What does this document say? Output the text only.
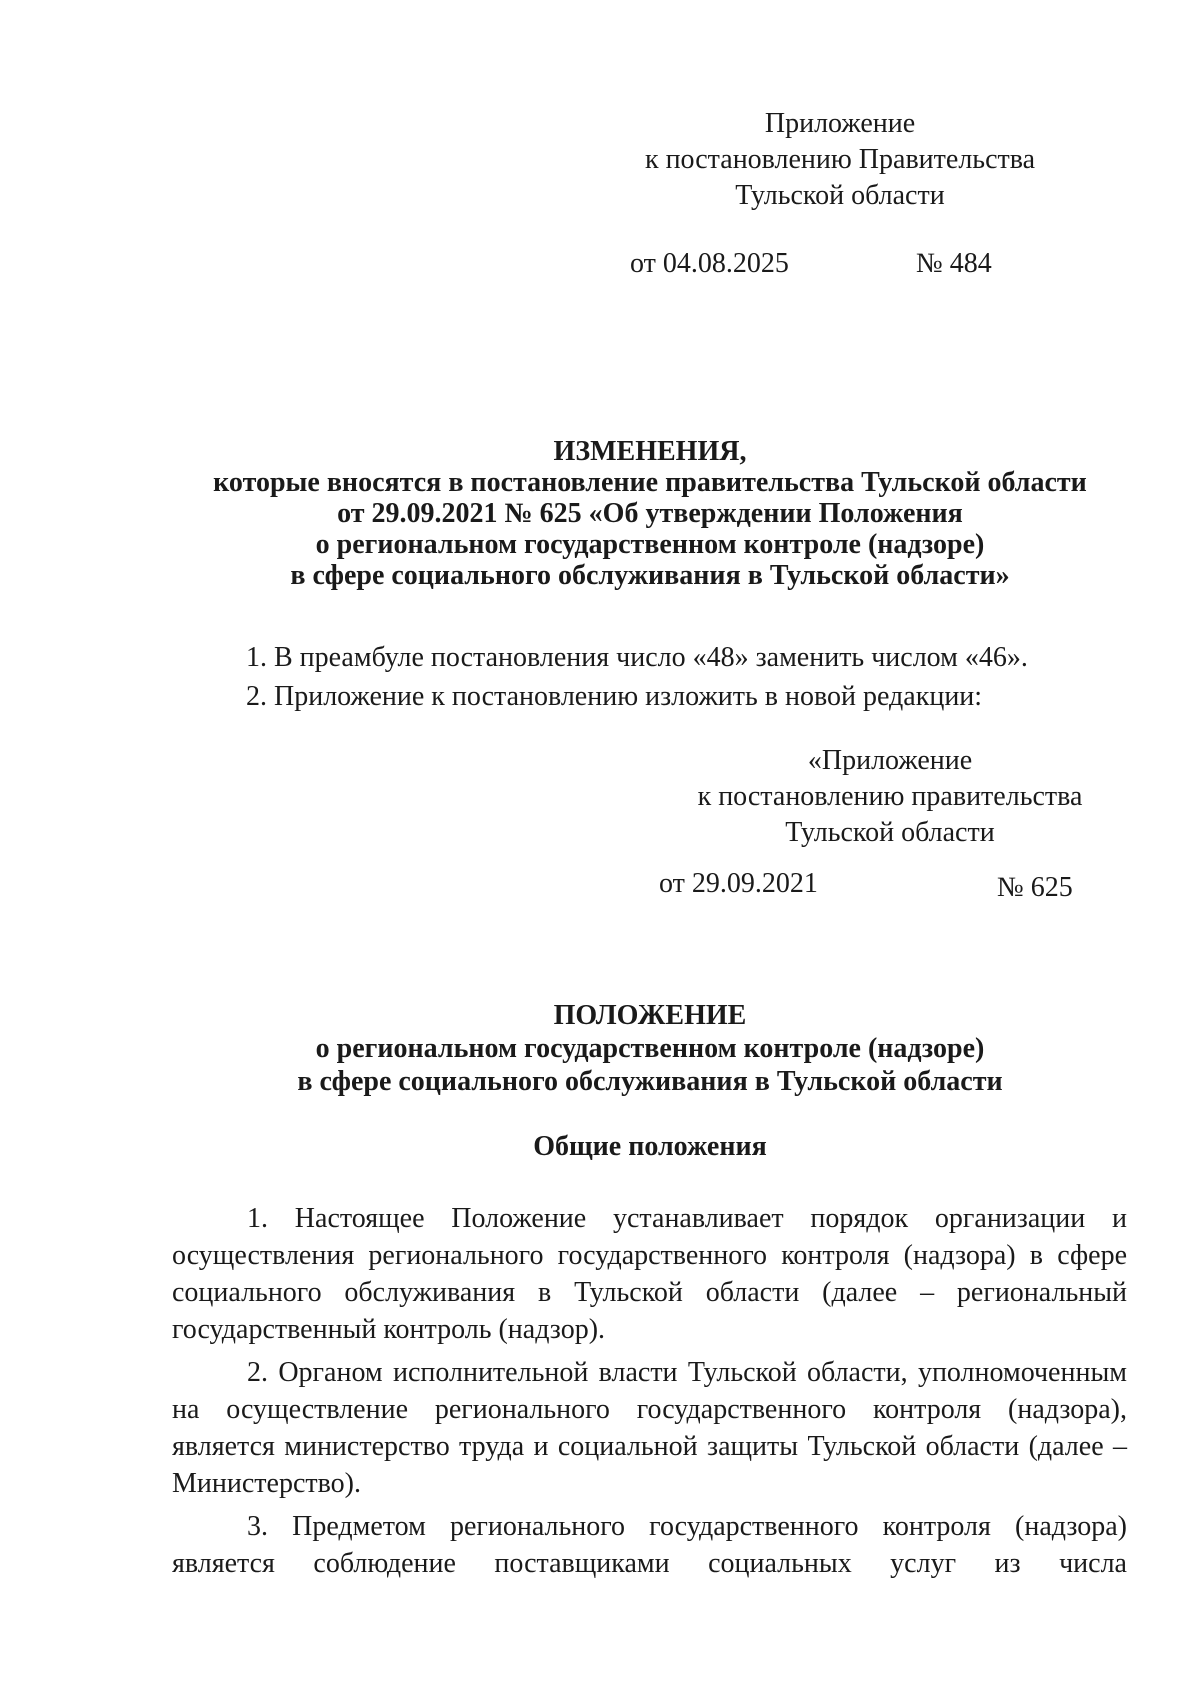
Приложение
к постановлению Правительства
Тульской области
от 04.08.2025	№ 484
ИЗМЕНЕНИЯ,
которые вносятся в постановление правительства Тульской области
от 29.09.2021 № 625 «Об утверждении Положения
о региональном государственном контроле (надзоре)
в сфере социального обслуживания в Тульской области»
1. В преамбуле постановления число «48» заменить числом «46».
2. Приложение к постановлению изложить в новой редакции:
«Приложение
к постановлению правительства
Тульской области
от 29.09.2021	№ 625
ПОЛОЖЕНИЕ
о региональном государственном контроле (надзоре)
в сфере социального обслуживания в Тульской области
Общие положения

1. Настоящее Положение устанавливает порядок организации и осуществления регионального государственного контроля (надзора) в сфере социального обслуживания в Тульской области (далее – региональный государственный контроль (надзор).

2. Органом исполнительной власти Тульской области, уполномоченным на осуществление регионального государственного контроля (надзора), является министерство труда и социальной защиты Тульской области (далее – Министерство).

3. Предметом регионального государственного контроля (надзора) является соблюдение поставщиками социальных услуг из числа
